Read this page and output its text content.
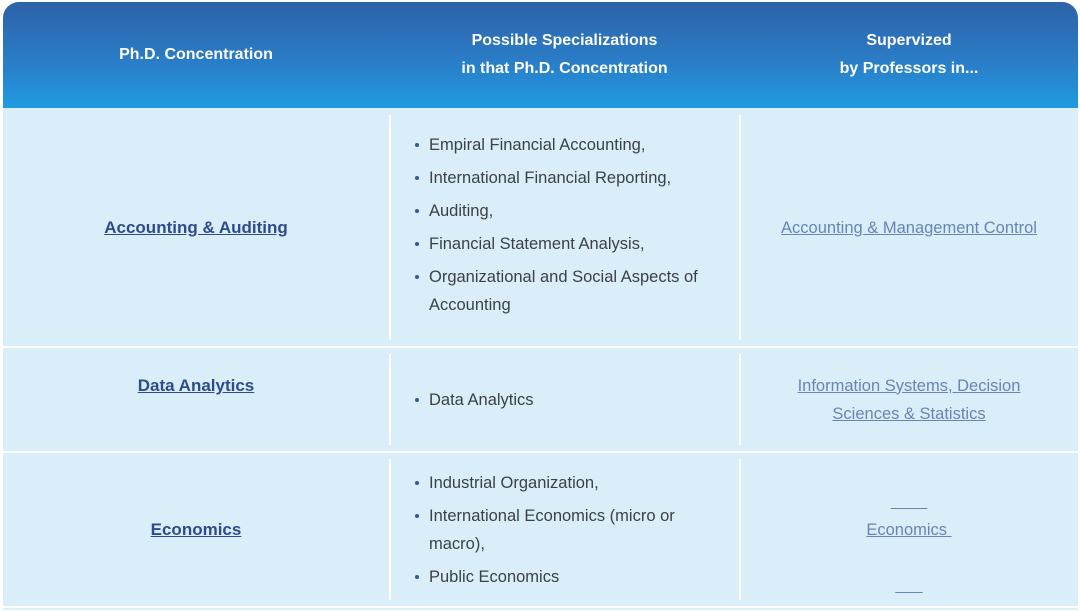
Ph.D. Concentration
Possible Specializations
in that Ph.D. Concentration
Supervized
by Professors in...
Accounting & Auditing
Empiral Financial Accounting,
International Financial Reporting,
Auditing,
Financial Statement Analysis,
Organizational and Social Aspects of Accounting
Accounting & Management Control
Data Analytics
Data Analytics
Information Systems, Decision
Sciences & Statistics
Economics
Industrial Organization,
International Economics (micro or macro),
Public Economics

Economics
